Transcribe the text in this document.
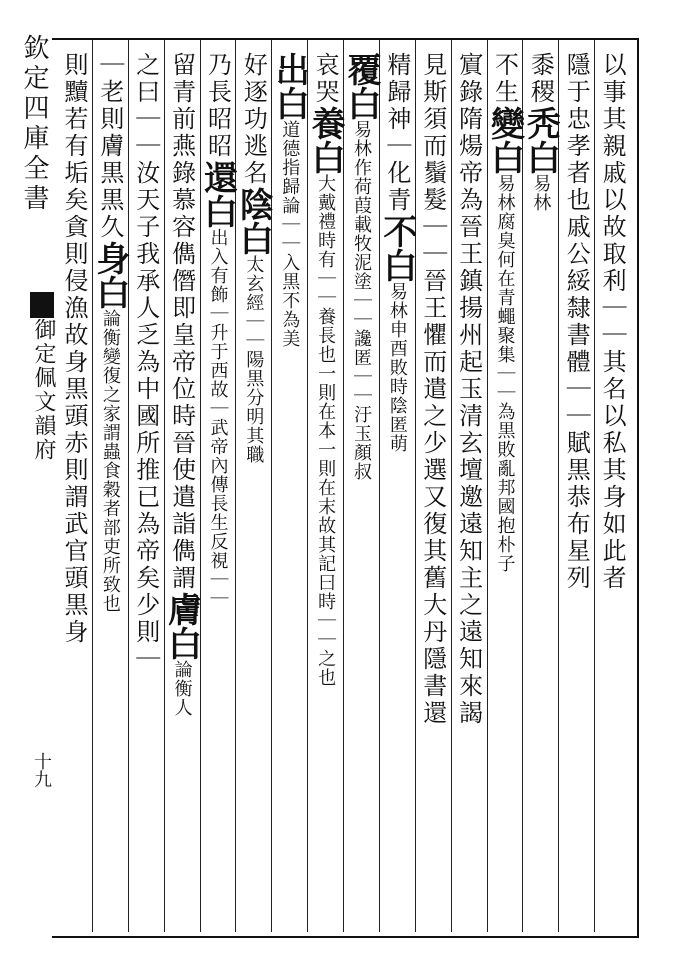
欽定四庫全書
御定佩文韻府
十九
以事其親戚以故取利｜｜其名以私其身如此者
隱于忠孝者也戚公綏隸書體｜｜賦黒恭布星列
黍稷秃白易林
不生變白易林腐臭何在青蠅聚集｜｜為黒敗亂邦國抱朴子
賔錄隋煬帝為晉王鎮揚州起玉清玄壇邀遠知主之遠知來謁
見斯須而鬚髮｜｜晉王懼而遣之少選又復其舊大丹隱書還
精歸神｜化青不白易林申酉敗時陰匿萌
覆白易林作荷葭載牧泥塗｜｜讒匿｜｜汙玉顏叔
哀哭養白大戴禮時有｜｜養長也一則在本一則在末故其記曰時｜｜之也
出白道德指歸論｜｜入黒不為美
好逐功逃名陰白太玄經｜｜陽黒分明其職
乃長昭昭還白出入有飾｜升于西故｜武帝內傳長生反視｜｜
留青前燕錄慕容儁僭即皇帝位時晉使遣詣儁謂膚白論衡人
之曰｜｜汝天子我承人乏為中國所推已為帝矣少則｜
｜老則膚黒黒久身白論衡變復之家謂蟲食穀者部吏所致也
則黷若有垢矣貪則侵漁故身黒頭赤則謂武官頭黒身
